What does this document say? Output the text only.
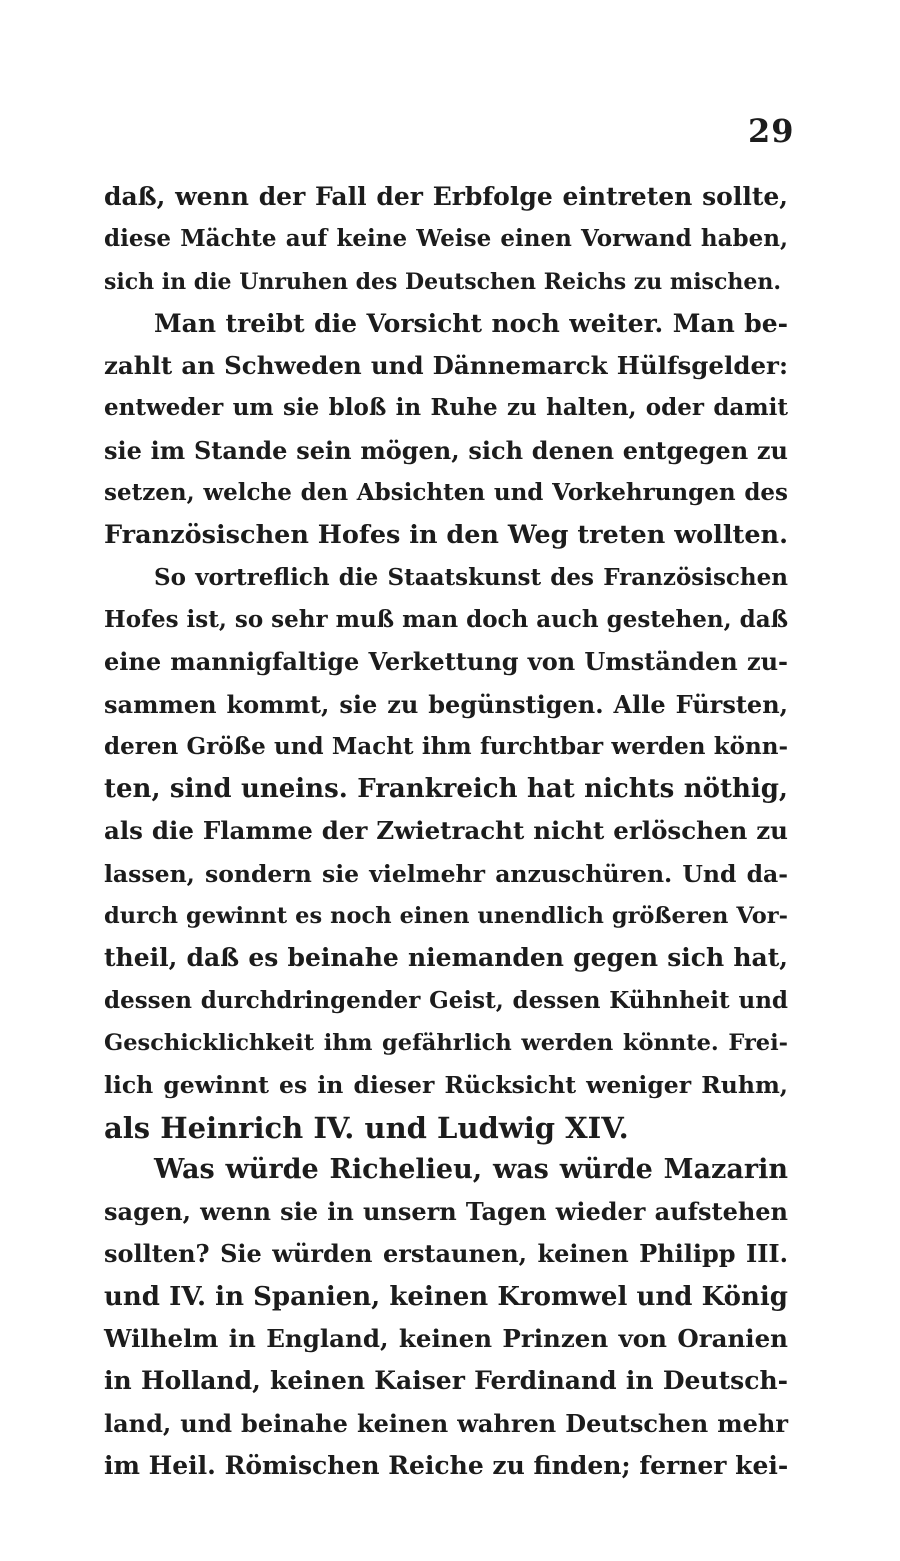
29
daß, wenn der Fall der Erbfolge eintreten sollte,
diese Mächte auf keine Weise einen Vorwand haben,
sich in die Unruhen des Deutschen Reichs zu mischen.
Man treibt die Vorsicht noch weiter. Man be-
zahlt an Schweden und Dännemarck Hülfsgelder:
entweder um sie bloß in Ruhe zu halten, oder damit
sie im Stande sein mögen, sich denen entgegen zu
setzen, welche den Absichten und Vorkehrungen des
Französischen Hofes in den Weg treten wollten.
So vortreflich die Staatskunst des Französischen
Hofes ist, so sehr muß man doch auch gestehen, daß
eine mannigfaltige Verkettung von Umständen zu-
sammen kommt, sie zu begünstigen. Alle Fürsten,
deren Größe und Macht ihm furchtbar werden könn-
ten, sind uneins. Frankreich hat nichts nöthig,
als die Flamme der Zwietracht nicht erlöschen zu
lassen, sondern sie vielmehr anzuschüren. Und da-
durch gewinnt es noch einen unendlich größeren Vor-
theil, daß es beinahe niemanden gegen sich hat,
dessen durchdringender Geist, dessen Kühnheit und
Geschicklichkeit ihm gefährlich werden könnte. Frei-
lich gewinnt es in dieser Rücksicht weniger Ruhm,
als Heinrich IV. und Ludwig XIV.
Was würde Richelieu, was würde Mazarin
sagen, wenn sie in unsern Tagen wieder aufstehen
sollten? Sie würden erstaunen, keinen Philipp III.
und IV. in Spanien, keinen Kromwel und König
Wilhelm in England, keinen Prinzen von Oranien
in Holland, keinen Kaiser Ferdinand in Deutsch-
land, und beinahe keinen wahren Deutschen mehr
im Heil. Römischen Reiche zu finden; ferner kei-
